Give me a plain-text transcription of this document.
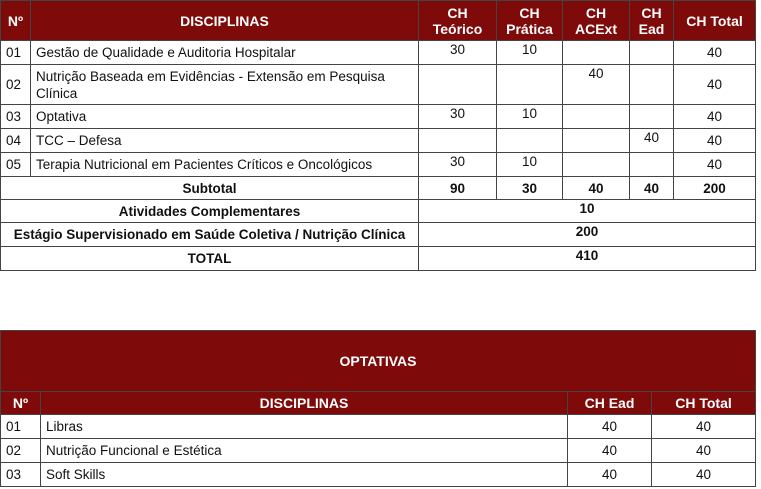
Nº	DISCIPLINAS	CH Teórico	CH Prática	CH ACExt	CH Ead	CH Total
01	Gestão de Qualidade e Auditoria Hospitalar	30	10			40
02	Nutrição Baseada em Evidências - Extensão em Pesquisa Clínica			40		40
03	Optativa	30	10			40
04	TCC – Defesa				40	40
05	Terapia Nutricional em Pacientes Críticos e Oncológicos	30	10			40
Subtotal		90	30	40	40	200
Atividades Complementares		10				
Estágio Supervisionado em Saúde Coletiva / Nutrição Clínica		200				
TOTAL		410				
OPTATIVAS			
Nº	DISCIPLINAS	CH Ead	CH Total
01	Libras	40	40
02	Nutrição Funcional e Estética	40	40
03	Soft Skills	40	40
